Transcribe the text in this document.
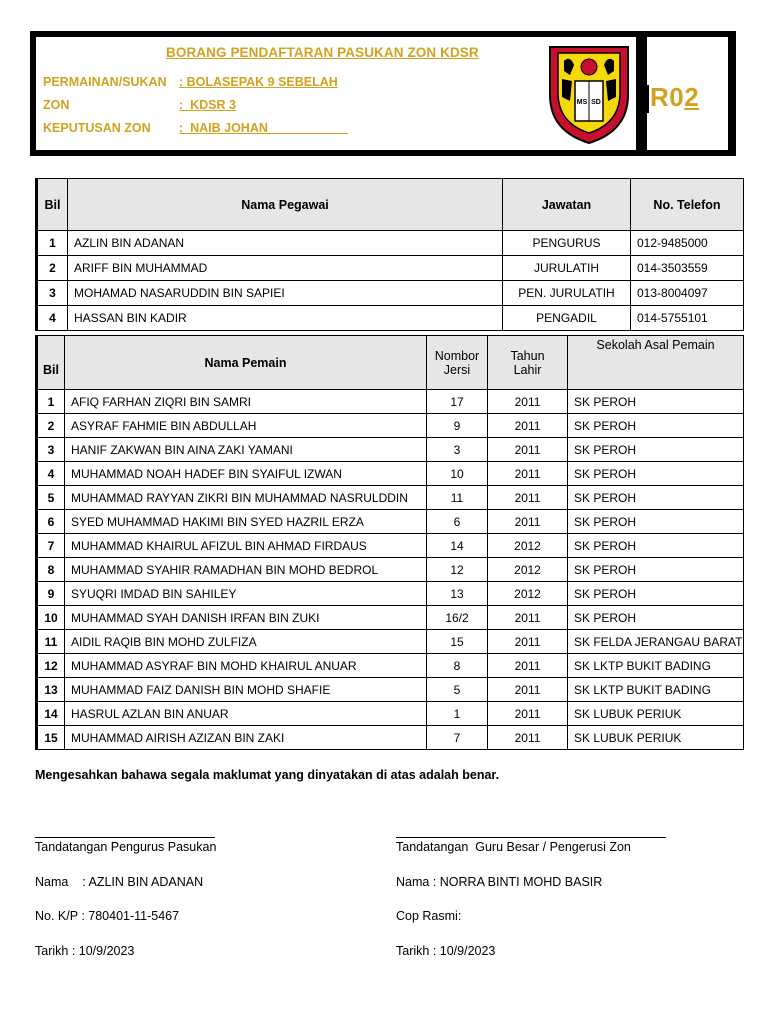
BORANG PENDAFTARAN PASUKAN ZON KDSR
PERMAINAN/SUKAN : BOLASEPAK 9 SEBELAH
ZON	:  KDSR 3
KEPUTUSAN ZON :  NAIB JOHAN ___________
MS SD R02
Bil	Nama Pegawai	Jawatan	No. Telefon
1	AZLIN BIN ADANAN	PENGURUS	012-9485000
2	ARIFF BIN MUHAMMAD	JURULATIH	014-3503559
3	MOHAMAD NASARUDDIN BIN SAPIEI	PEN. JURULATIH	013-8004097
4	HASSAN BIN KADIR	PENGADIL	014-5755101
Bil	Nama Pemain	Nombor Jersi	Tahun Lahir	Sekolah Asal Pemain
1	AFIQ FARHAN ZIQRI BIN SAMRI	17	2011	SK PEROH
2	ASYRAF FAHMIE BIN ABDULLAH	9	2011	SK PEROH
3	HANIF ZAKWAN BIN AINA ZAKI YAMANI	3	2011	SK PEROH
4	MUHAMMAD NOAH HADEF BIN SYAIFUL IZWAN	10	2011	SK PEROH
5	MUHAMMAD RAYYAN ZIKRI BIN MUHAMMAD NASRULDDIN	11	2011	SK PEROH
6	SYED MUHAMMAD HAKIMI BIN SYED HAZRIL ERZA	6	2011	SK PEROH
7	MUHAMMAD KHAIRUL AFIZUL BIN AHMAD FIRDAUS	14	2012	SK PEROH
8	MUHAMMAD SYAHIR RAMADHAN BIN MOHD BEDROL	12	2012	SK PEROH
9	SYUQRI IMDAD BIN SAHILEY	13	2012	SK PEROH
10	MUHAMMAD SYAH DANISH IRFAN BIN ZUKI	16/2	2011	SK PEROH
11	AIDIL RAQIB BIN MOHD ZULFIZA	15	2011	SK FELDA JERANGAU BARAT
12	MUHAMMAD ASYRAF BIN MOHD KHAIRUL ANUAR	8	2011	SK LKTP BUKIT BADING
13	MUHAMMAD FAIZ DANISH BIN MOHD SHAFIE	5	2011	SK LKTP BUKIT BADING
14	HASRUL AZLAN BIN ANUAR	1	2011	SK LUBUK PERIUK
15	MUHAMMAD AIRISH AZIZAN BIN ZAKI	7	2011	SK LUBUK PERIUK
Mengesahkan bahawa segala maklumat yang dinyatakan di atas adalah benar.
Tandatangan Pengurus Pasukan
Nama    : AZLIN BIN ADANAN
No. K/P : 780401-11-5467
Tarikh : 10/9/2023
Tandatangan  Guru Besar / Pengerusi Zon
Nama : NORRA BINTI MOHD BASIR
Cop Rasmi:
Tarikh : 10/9/2023
